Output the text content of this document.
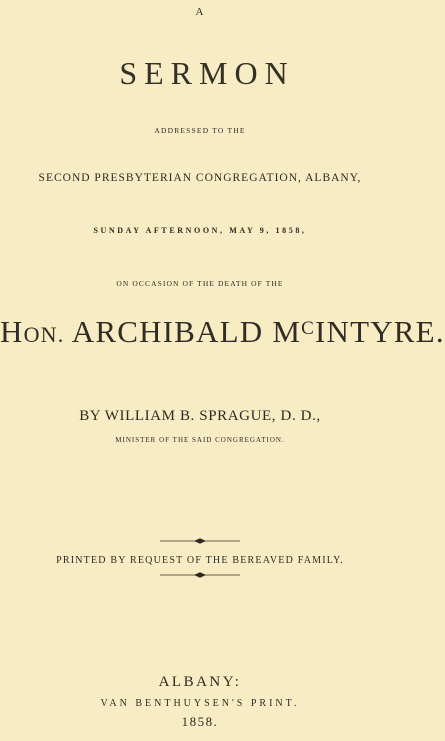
A
SERMON
ADDRESSED TO THE
SECOND PRESBYTERIAN CONGREGATION, ALBANY,
SUNDAY AFTERNOON, MAY 9, 1858,
ON OCCASION OF THE DEATH OF THE
HON. ARCHIBALD $M^CINTYRE$.
BY WILLIAM B. SPRAGUE, D. D.,
MINISTER OF THE SAID CONGREGATION.
PRINTED BY REQUEST OF THE BEREAVED FAMILY.
ALBANY:
VAN BENTHUYSEN'S PRINT.
1858.
